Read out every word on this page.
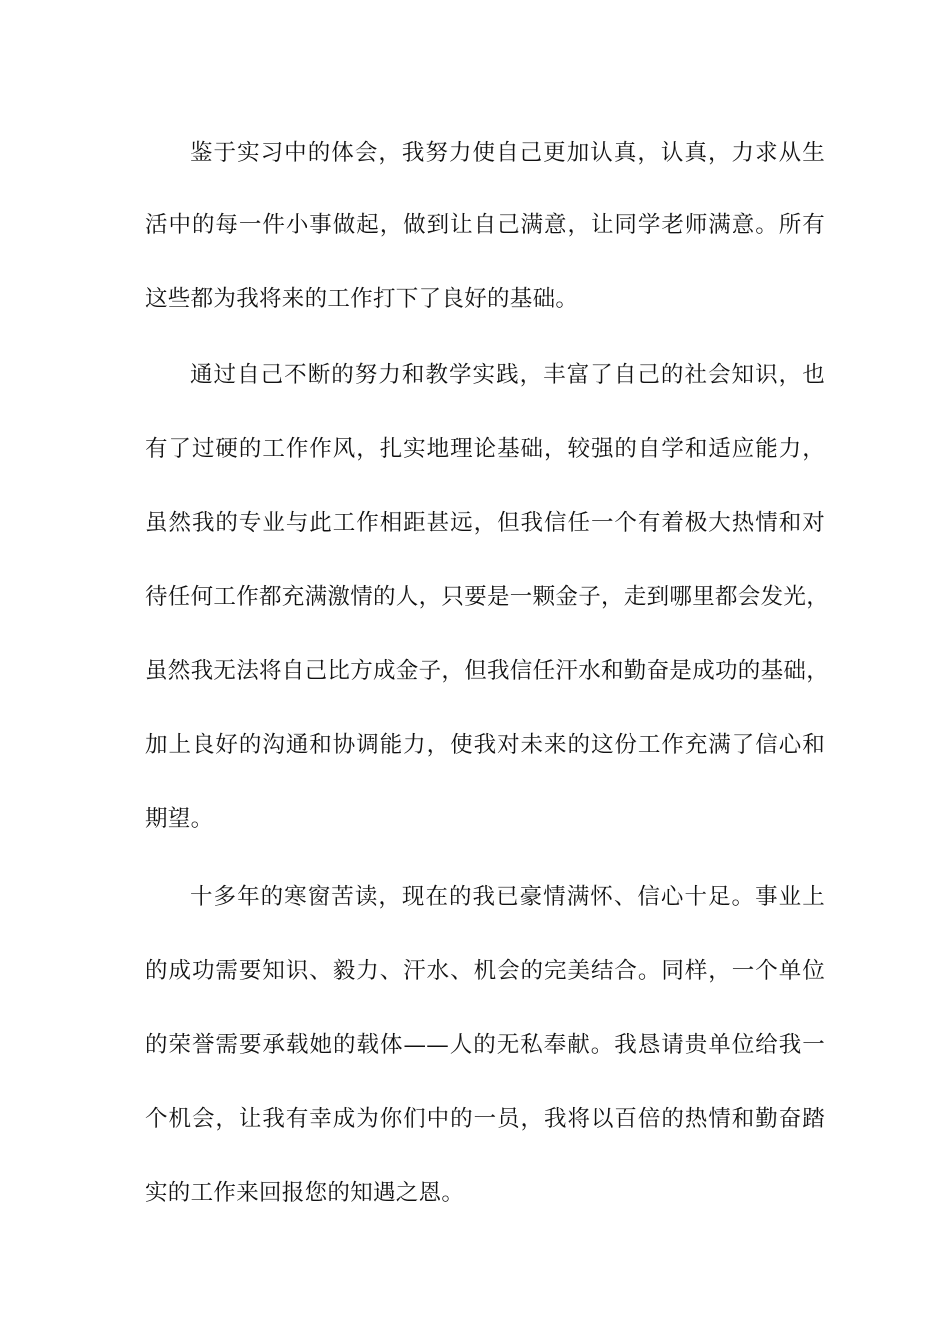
鉴于实习中的体会，我努力使自己更加认真，认真，力求从生
活中的每一件小事做起，做到让自己满意，让同学老师满意。所有
这些都为我将来的工作打下了良好的基础。
通过自己不断的努力和教学实践，丰富了自己的社会知识，也
有了过硬的工作作风，扎实地理论基础，较强的自学和适应能力，
虽然我的专业与此工作相距甚远，但我信任一个有着极大热情和对
待任何工作都充满激情的人，只要是一颗金子，走到哪里都会发光，
虽然我无法将自己比方成金子，但我信任汗水和勤奋是成功的基础，
加上良好的沟通和协调能力，使我对未来的这份工作充满了信心和
期望。
十多年的寒窗苦读，现在的我已豪情满怀、信心十足。事业上
的成功需要知识、毅力、汗水、机会的完美结合。同样，一个单位
的荣誉需要承载她的载体——人的无私奉献。我恳请贵单位给我一
个机会，让我有幸成为你们中的一员，我将以百倍的热情和勤奋踏
实的工作来回报您的知遇之恩。
